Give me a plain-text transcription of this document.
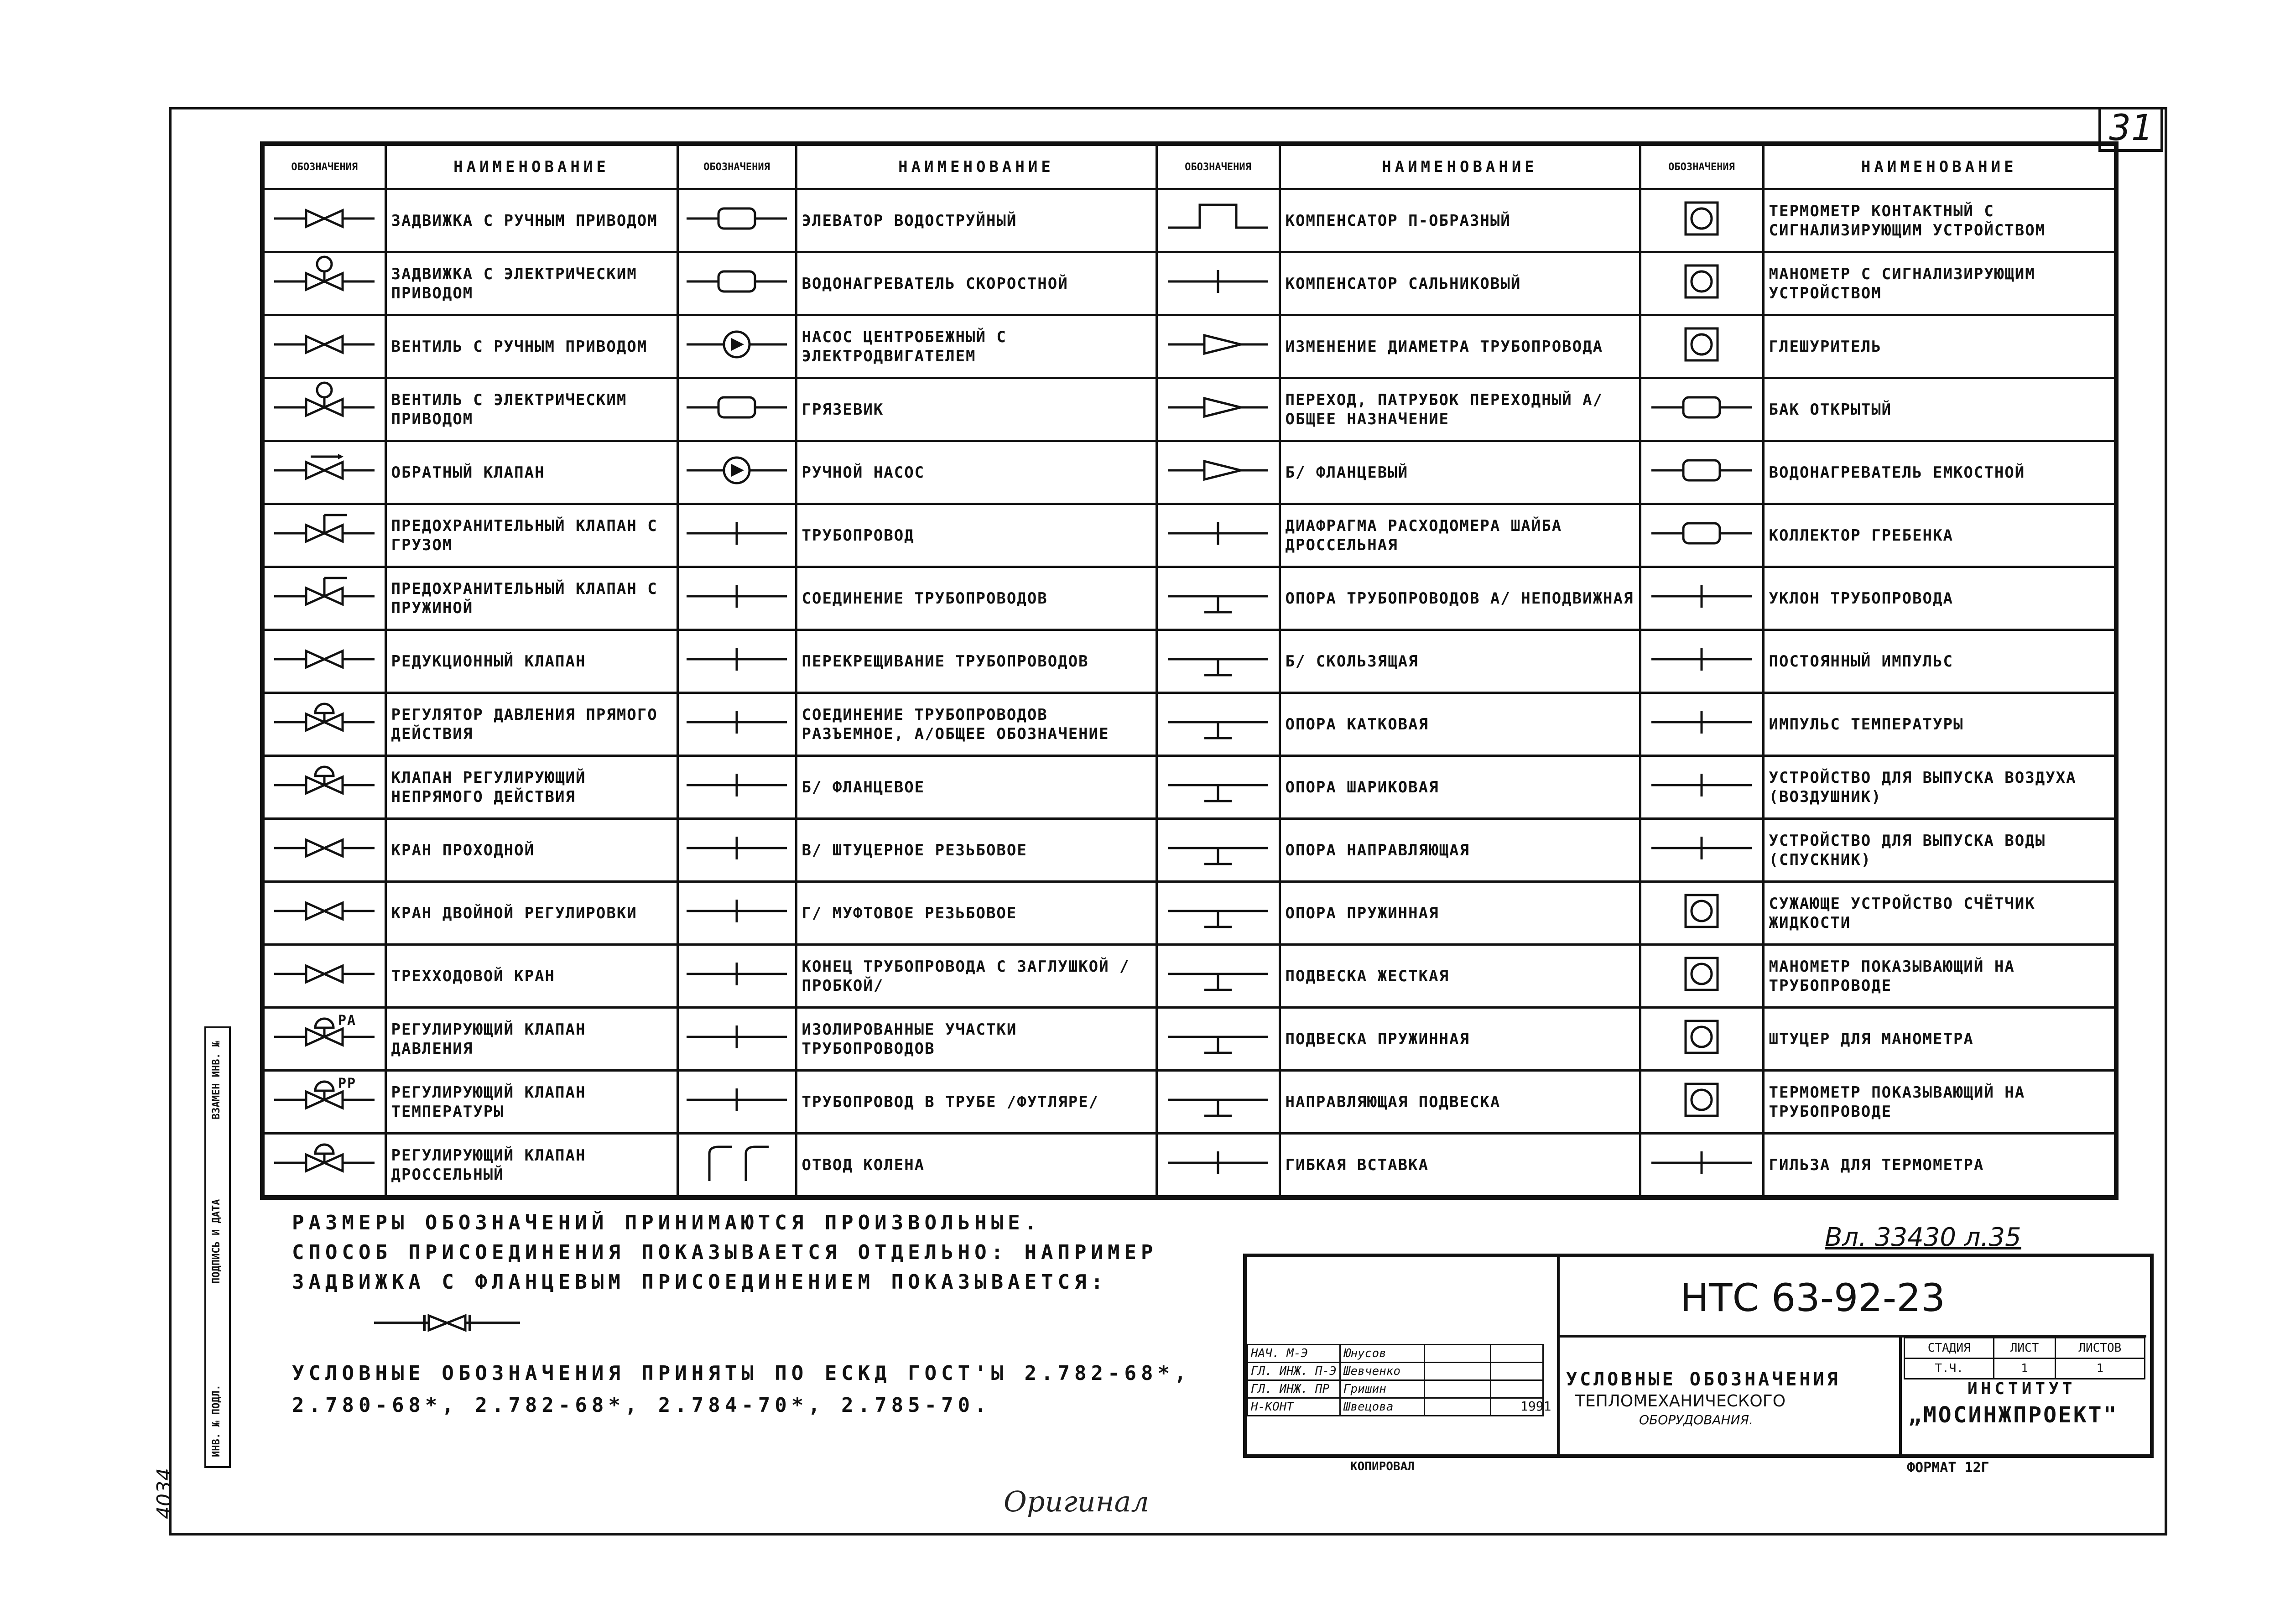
31
ОБОЗНАЧЕНИЯ	НАИМЕНОВАНИЕ	ОБОЗНАЧЕНИЯ	НАИМЕНОВАНИЕ	ОБОЗНАЧЕНИЯ	НАИМЕНОВАНИЕ	ОБОЗНАЧЕНИЯ	НАИМЕНОВАНИЕ
	ЗАДВИЖКА С РУЧНЫМ ПРИВОДОМ		ЭЛЕВАТОР ВОДОСТРУЙНЫЙ		КОМПЕНСАТОР П-ОБРАЗНЫЙ		ТЕРМОМЕТР КОНТАКТНЫЙ С СИГНАЛИЗИРУЮЩИМ УСТРОЙСТВОМ
	ЗАДВИЖКА С ЭЛЕКТРИЧЕСКИМ ПРИВОДОМ		ВОДОНАГРЕВАТЕЛЬ СКОРОСТНОЙ		КОМПЕНСАТОР САЛЬНИКОВЫЙ		МАНОМЕТР С СИГНАЛИЗИРУЮЩИМ УСТРОЙСТВОМ
	ВЕНТИЛЬ С РУЧНЫМ ПРИВОДОМ		НАСОС ЦЕНТРОБЕЖНЫЙ С ЭЛЕКТРОДВИГАТЕЛЕМ		ИЗМЕНЕНИЕ ДИАМЕТРА ТРУБОПРОВОДА		ГЛЕШУРИТЕЛЬ
	ВЕНТИЛЬ С ЭЛЕКТРИЧЕСКИМ ПРИВОДОМ		ГРЯЗЕВИК		ПЕРЕХОД, ПАТРУБОК ПЕРЕХОДНЫЙ А/ ОБЩЕЕ НАЗНАЧЕНИЕ		БАК ОТКРЫТЫЙ
	ОБРАТНЫЙ КЛАПАН		РУЧНОЙ НАСОС		Б/ ФЛАНЦЕВЫЙ		ВОДОНАГРЕВАТЕЛЬ ЕМКОСТНОЙ
	ПРЕДОХРАНИТЕЛЬНЫЙ КЛАПАН С ГРУЗОМ		ТРУБОПРОВОД		ДИАФРАГМА РАСХОДОМЕРА ШАЙБА ДРОССЕЛЬНАЯ		КОЛЛЕКТОР ГРЕБЕНКА
	ПРЕДОХРАНИТЕЛЬНЫЙ КЛАПАН С ПРУЖИНОЙ		СОЕДИНЕНИЕ ТРУБОПРОВОДОВ		ОПОРА ТРУБОПРОВОДОВ А/ НЕПОДВИЖНАЯ		УКЛОН ТРУБОПРОВОДА
	РЕДУКЦИОННЫЙ КЛАПАН		ПЕРЕКРЕЩИВАНИЕ ТРУБОПРОВОДОВ		Б/ СКОЛЬЗЯЩАЯ		ПОСТОЯННЫЙ ИМПУЛЬС
	РЕГУЛЯТОР ДАВЛЕНИЯ ПРЯМОГО ДЕЙСТВИЯ		СОЕДИНЕНИЕ ТРУБОПРОВОДОВ РАЗЪЕМНОЕ, А/ОБЩЕЕ ОБОЗНАЧЕНИЕ		ОПОРА КАТКОВАЯ		ИМПУЛЬС ТЕМПЕРАТУРЫ
	КЛАПАН РЕГУЛИРУЮЩИЙ НЕПРЯМОГО ДЕЙСТВИЯ		Б/ ФЛАНЦЕВОЕ		ОПОРА ШАРИКОВАЯ		УСТРОЙСТВО ДЛЯ ВЫПУСКА ВОЗДУХА (ВОЗДУШНИК)
	КРАН ПРОХОДНОЙ		В/ ШТУЦЕРНОЕ РЕЗЬБОВОЕ		ОПОРА НАПРАВЛЯЮЩАЯ		УСТРОЙСТВО ДЛЯ ВЫПУСКА ВОДЫ (СПУСКНИК)
	КРАН ДВОЙНОЙ РЕГУЛИРОВКИ		Г/ МУФТОВОЕ РЕЗЬБОВОЕ		ОПОРА ПРУЖИННАЯ		СУЖАЮЩЕ УСТРОЙСТВО СЧЁТЧИК ЖИДКОСТИ
	ТРЕХХОДОВОЙ КРАН		КОНЕЦ ТРУБОПРОВОДА С ЗАГЛУШКОЙ /ПРОБКОЙ/		ПОДВЕСКА ЖЕСТКАЯ		МАНОМЕТР ПОКАЗЫВАЮЩИЙ НА ТРУБОПРОВОДЕ

РА	РЕГУЛИРУЮЩИЙ КЛАПАН ДАВЛЕНИЯ		ИЗОЛИРОВАННЫЕ УЧАСТКИ ТРУБОПРОВОДОВ		ПОДВЕСКА ПРУЖИННАЯ		ШТУЦЕР ДЛЯ МАНОМЕТРА

РР	РЕГУЛИРУЮЩИЙ КЛАПАН ТЕМПЕРАТУРЫ		ТРУБОПРОВОД В ТРУБЕ /ФУТЛЯРЕ/		НАПРАВЛЯЮЩАЯ ПОДВЕСКА		ТЕРМОМЕТР ПОКАЗЫВАЮЩИЙ НА ТРУБОПРОВОДЕ
	РЕГУЛИРУЮЩИЙ КЛАПАН ДРОССЕЛЬНЫЙ		ОТВОД КОЛЕНА		ГИБКАЯ ВСТАВКА		ГИЛЬЗА ДЛЯ ТЕРМОМЕТРА
РАЗМЕРЫ ОБОЗНАЧЕНИЙ ПРИНИМАЮТСЯ ПРОИЗВОЛЬНЫЕ.
СПОСОБ ПРИСОЕДИНЕНИЯ ПОКАЗЫВАЕТСЯ ОТДЕЛЬНО: НАПРИМЕР
ЗАДВИЖКА С ФЛАНЦЕВЫМ ПРИСОЕДИНЕНИЕМ ПОКАЗЫВАЕТСЯ:
УСЛОВНЫЕ ОБОЗНАЧЕНИЯ ПРИНЯТЫ ПО ЕСКД ГОСТ'Ы 2.782-68*,
2.780-68*, 2.782-68*, 2.784-70*, 2.785-70.
Вл. 33430 л.35
НТС 63-92-23
УСЛОВНЫЕ ОБОЗНАЧЕНИЯ
ТЕПЛОМЕХАНИЧЕСКОГО
ОБОРУДОВАНИЯ.
1991
НАЧ. М-Э	Юнусов		
ГЛ. ИНЖ. П-Э	Шевченко		
ГЛ. ИНЖ. ПР	Гришин		
Н-КОНТ	Швецова		
СТАДИЯ	ЛИСТ	ЛИСТОВ
Т.Ч.	1	1
ИНСТИТУТ
„МОСИНЖПРОЕКТ"
КОПИРОВАЛ	ФОРМАТ 12Г
ВЗАМЕН ИНВ. №
ПОДПИСЬ И ДАТА
ИНВ. № ПОДЛ.
4034	Оригинал
